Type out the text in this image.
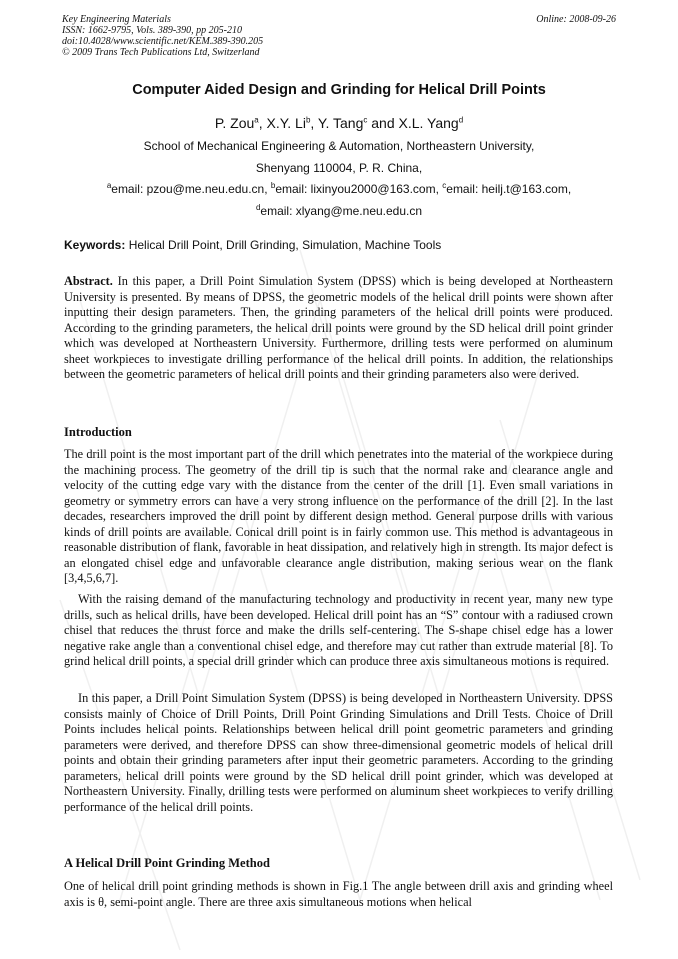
Key Engineering Materials
ISSN: 1662-9795, Vols. 389-390, pp 205-210
doi:10.4028/www.scientific.net/KEM.389-390.205
© 2009 Trans Tech Publications Ltd, Switzerland
Online: 2008-09-26
Computer Aided Design and Grinding for Helical Drill Points
P. Zou$^a$, X.Y. Li$^b$, Y. Tang$^c$ and X.L. Yang$^d$
School of Mechanical Engineering & Automation, Northeastern University,
Shenyang 110004, P. R. China,
$^a$email: pzou@me.neu.edu.cn, $^b$email: lixinyou2000@163.com, $^c$email: heilj.t@163.com,
$^d$email: xlyang@me.neu.edu.cn
Keywords: Helical Drill Point, Drill Grinding, Simulation, Machine Tools

Abstract. In this paper, a Drill Point Simulation System (DPSS) which is being developed at Northeastern University is presented. By means of DPSS, the geometric models of the helical drill points were shown after inputting their design parameters. Then, the grinding parameters of the helical drill points were produced. According to the grinding parameters, the helical drill points were ground by the SD helical drill point grinder which was developed at Northeastern University. Furthermore, drilling tests were performed on aluminum sheet workpieces to investigate drilling performance of the helical drill points. In addition, the relationships between the geometric parameters of helical drill points and their grinding parameters also were derived.

Introduction

The drill point is the most important part of the drill which penetrates into the material of the workpiece during the machining process. The geometry of the drill tip is such that the normal rake and clearance angle and velocity of the cutting edge vary with the distance from the center of the drill [1]. Even small variations in geometry or symmetry errors can have a very strong influence on the performance of the drill [2]. In the last decades, researchers improved the drill point by different design method. General purpose drills with various kinds of drill points are available. Conical drill point is in fairly common use. This method is advantageous in reasonable distribution of flank, favorable in heat dissipation, and relatively high in strength. Its major defect is an elongated chisel edge and unfavorable clearance angle distribution, making serious wear on the flank [3,4,5,6,7].

With the raising demand of the manufacturing technology and productivity in recent year, many new type drills, such as helical drills, have been developed. Helical drill point has an “S” contour with a radiused crown chisel that reduces the thrust force and make the drills self-centering. The S-shape chisel edge has a lower negative rake angle than a conventional chisel edge, and therefore may cut rather than extrude material [8]. To grind helical drill points, a special drill grinder which can produce three axis simultaneous motions is required.

In this paper, a Drill Point Simulation System (DPSS) is being developed in Northeastern University. DPSS consists mainly of Choice of Drill Points, Drill Point Grinding Simulations and Drill Tests. Choice of Drill Points includes helical points. Relationships between helical drill point geometric parameters and grinding parameters were derived, and therefore DPSS can show three-dimensional geometric models of helical drill points and obtain their grinding parameters after input their geometric parameters. According to the grinding parameters, helical drill points were ground by the SD helical drill point grinder, which was developed at Northeastern University. Finally, drilling tests were performed on aluminum sheet workpieces to verify drilling performance of the helical drill points.

A Helical Drill Point Grinding Method

One of helical drill point grinding methods is shown in Fig.1 The angle between drill axis and grinding wheel axis is θ, semi-point angle. There are three axis simultaneous motions when helical
